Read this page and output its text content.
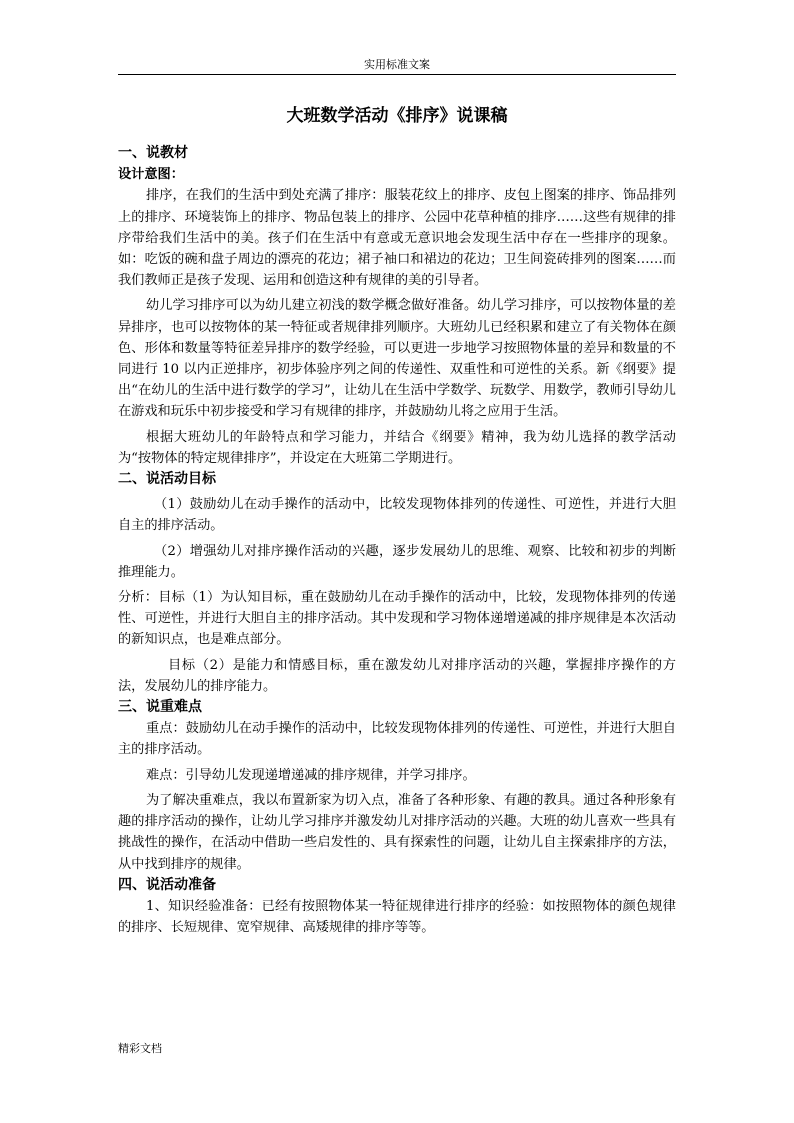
实用标准文案
大班数学活动《排序》说课稿

一、说教材

设计意图：

排序，在我们的生活中到处充满了排序：服装花纹上的排序、皮包上图案的排序、饰品排列上的排序、环境装饰上的排序、物品包装上的排序、公园中花草种植的排序……这些有规律的排序带给我们生活中的美。孩子们在生活中有意或无意识地会发现生活中存在一些排序的现象。如：吃饭的碗和盘子周边的漂亮的花边；裙子袖口和裙边的花边；卫生间瓷砖排列的图案……而我们教师正是孩子发现、运用和创造这种有规律的美的引导者。

幼儿学习排序可以为幼儿建立初浅的数学概念做好准备。幼儿学习排序，可以按物体量的差异排序，也可以按物体的某一特征或者规律排列顺序。大班幼儿已经积累和建立了有关物体在颜色、形体和数量等特征差异排序的数学经验，可以更进一步地学习按照物体量的差异和数量的不同进行 10 以内正逆排序，初步体验序列之间的传递性、双重性和可逆性的关系。新《纲要》提出“在幼儿的生活中进行数学的学习”，让幼儿在生活中学数学、玩数学、用数学，教师引导幼儿在游戏和玩乐中初步接受和学习有规律的排序，并鼓励幼儿将之应用于生活。

根据大班幼儿的年龄特点和学习能力，并结合《纲要》精神，我为幼儿选择的教学活动为“按物体的特定规律排序”，并设定在大班第二学期进行。

二、说活动目标

（1）鼓励幼儿在动手操作的活动中，比较发现物体排列的传递性、可逆性，并进行大胆自主的排序活动。

（2）增强幼儿对排序操作活动的兴趣，逐步发展幼儿的思维、观察、比较和初步的判断推理能力。

分析：目标（1）为认知目标，重在鼓励幼儿在动手操作的活动中，比较，发现物体排列的传递性、可逆性，并进行大胆自主的排序活动。其中发现和学习物体递增递减的排序规律是本次活动的新知识点，也是难点部分。

目标（2）是能力和情感目标，重在激发幼儿对排序活动的兴趣，掌握排序操作的方法，发展幼儿的排序能力。

三、说重难点

重点：鼓励幼儿在动手操作的活动中，比较发现物体排列的传递性、可逆性，并进行大胆自主的排序活动。

难点：引导幼儿发现递增递减的排序规律，并学习排序。

为了解决重难点，我以布置新家为切入点，准备了各种形象、有趣的教具。通过各种形象有趣的排序活动的操作，让幼儿学习排序并激发幼儿对排序活动的兴趣。大班的幼儿喜欢一些具有挑战性的操作，在活动中借助一些启发性的、具有探索性的问题，让幼儿自主探索排序的方法，从中找到排序的规律。

四、说活动准备

1、知识经验准备：已经有按照物体某一特征规律进行排序的经验：如按照物体的颜色规律的排序、长短规律、宽窄规律、高矮规律的排序等等。

精彩文档
